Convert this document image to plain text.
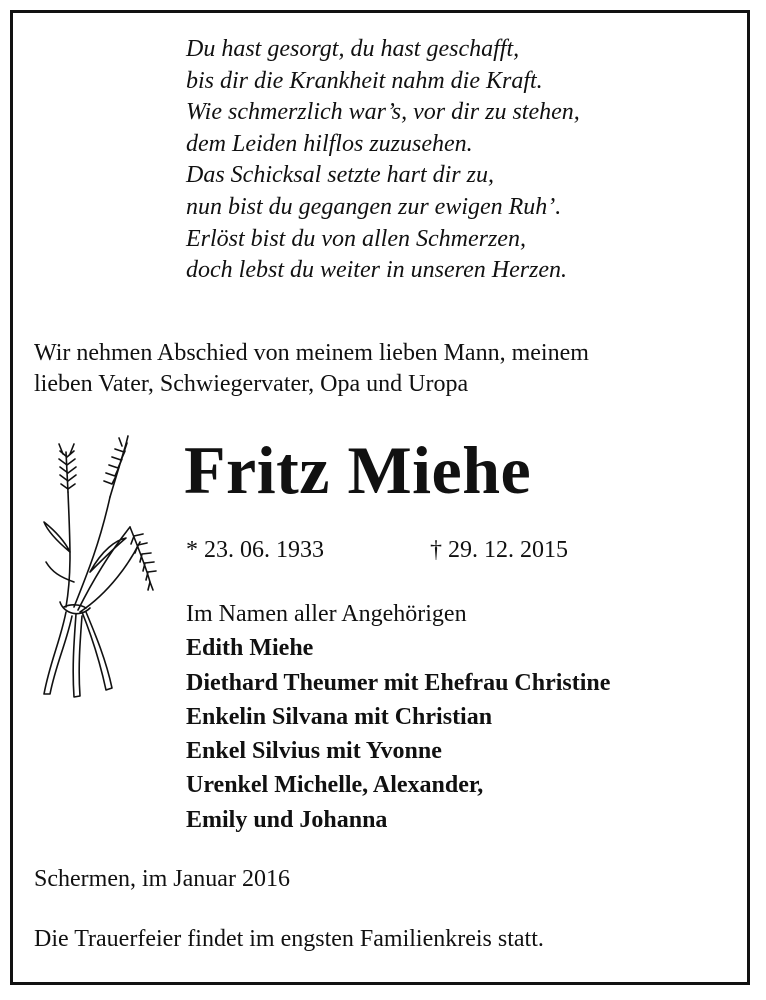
Du hast gesorgt, du hast geschafft,
bis dir die Krankheit nahm die Kraft.
Wie schmerzlich war’s, vor dir zu stehen,
dem Leiden hilflos zuzusehen.
Das Schicksal setzte hart dir zu,
nun bist du gegangen zur ewigen Ruh’.
Erlöst bist du von allen Schmerzen,
doch lebst du weiter in unseren Herzen.
Wir nehmen Abschied von meinem lieben Mann, meinem
lieben Vater, Schwiegervater, Opa und Uropa
Fritz Miehe
* 23. 06. 1933	† 29. 12. 2015
Im Namen aller Angehörigen
Edith Miehe
Diethard Theumer mit Ehefrau Christine
Enkelin Silvana mit Christian
Enkel Silvius mit Yvonne
Urenkel Michelle, Alexander,
Emily und Johanna
Schermen, im Januar 2016
Die Trauerfeier findet im engsten Familienkreis statt.
